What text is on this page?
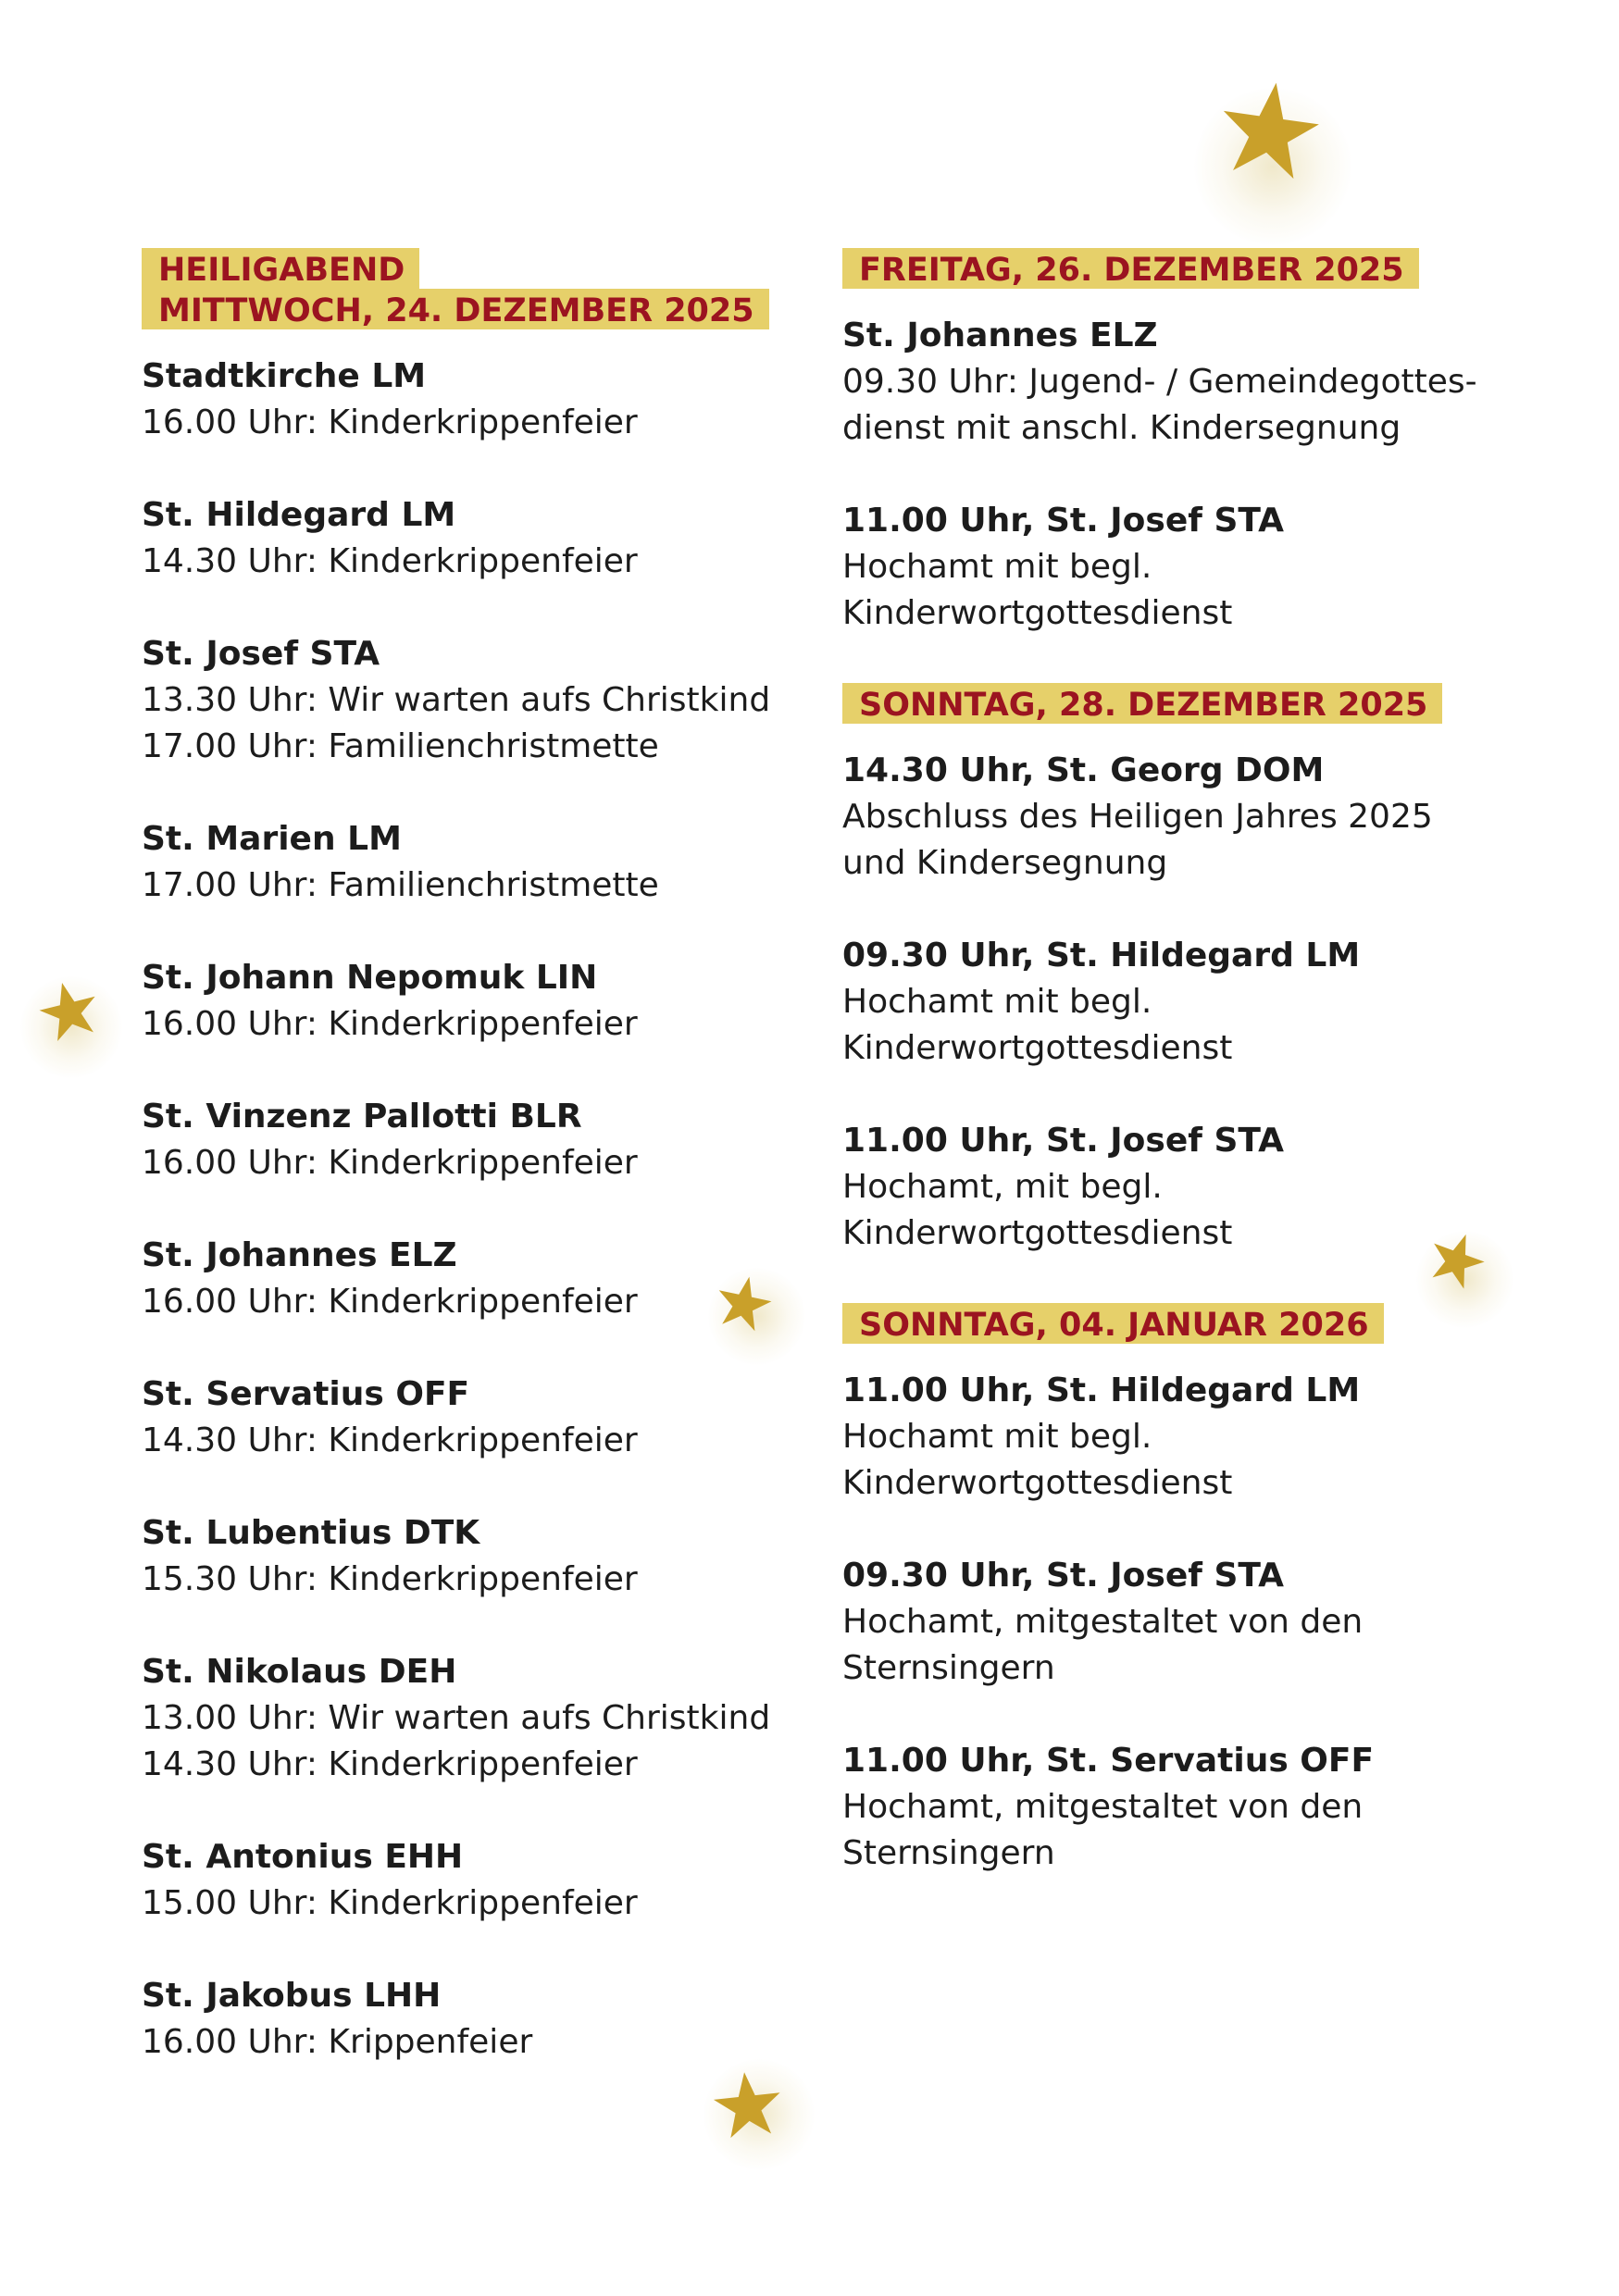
HEILIGABEND
MITTWOCH, 24. DEZEMBER 2025
Stadtkirche LM
16.00 Uhr: Kinderkrippenfeier
St. Hildegard LM
14.30 Uhr: Kinderkrippenfeier
St. Josef STA
13.30 Uhr: Wir warten aufs Christkind
17.00 Uhr: Familienchristmette
St. Marien LM
17.00 Uhr: Familienchristmette
St. Johann Nepomuk LIN
16.00 Uhr: Kinderkrippenfeier
St. Vinzenz Pallotti BLR
16.00 Uhr: Kinderkrippenfeier
St. Johannes ELZ
16.00 Uhr: Kinderkrippenfeier
St. Servatius OFF
14.30 Uhr: Kinderkrippenfeier
St. Lubentius DTK
15.30 Uhr: Kinderkrippenfeier
St. Nikolaus DEH
13.00 Uhr: Wir warten aufs Christkind
14.30 Uhr: Kinderkrippenfeier
St. Antonius EHH
15.00 Uhr: Kinderkrippenfeier
St. Jakobus LHH
16.00 Uhr: Krippenfeier
FREITAG, 26. DEZEMBER 2025
St. Johannes ELZ
09.30 Uhr: Jugend- / Gemeindegottes-
dienst mit anschl. Kindersegnung
11.00 Uhr, St. Josef STA
Hochamt mit begl.
Kinderwortgottesdienst
SONNTAG, 28. DEZEMBER 2025
14.30 Uhr, St. Georg DOM
Abschluss des Heiligen Jahres 2025
und Kindersegnung
09.30 Uhr, St. Hildegard LM
Hochamt mit begl.
Kinderwortgottesdienst
11.00 Uhr, St. Josef STA
Hochamt, mit begl.
Kinderwortgottesdienst
SONNTAG, 04. JANUAR 2026
11.00 Uhr, St. Hildegard LM
Hochamt mit begl.
Kinderwortgottesdienst
09.30 Uhr, St. Josef STA
Hochamt, mitgestaltet von den
Sternsingern
11.00 Uhr, St. Servatius OFF
Hochamt, mitgestaltet von den
Sternsingern
